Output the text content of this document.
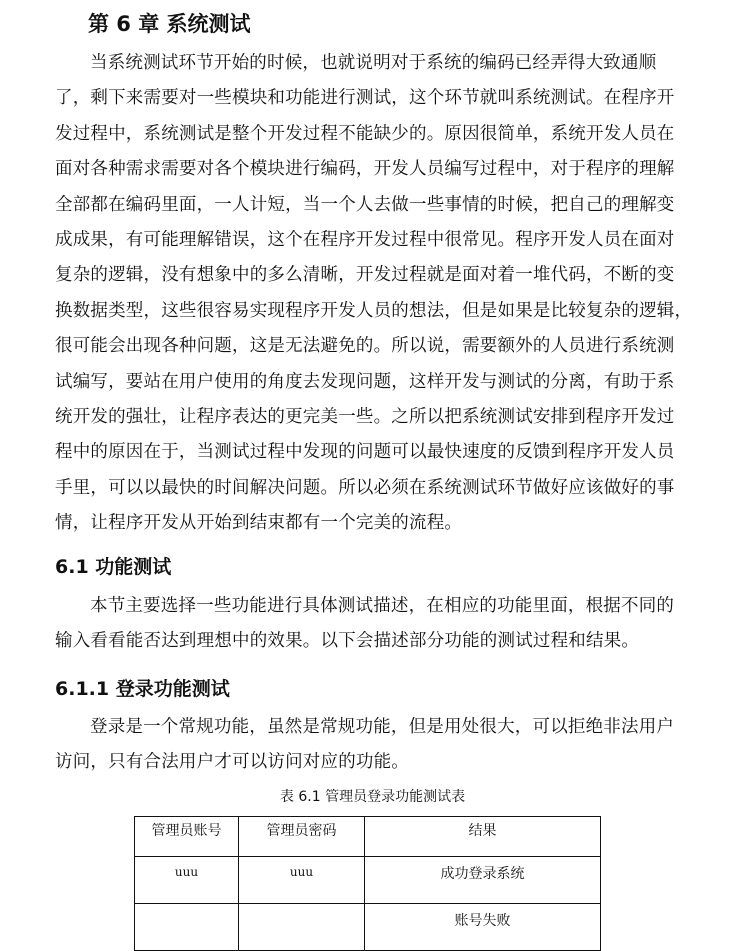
第 6 章 系统测试
当系统测试环节开始的时候，也就说明对于系统的编码已经弄得大致通顺
了，剩下来需要对一些模块和功能进行测试，这个环节就叫系统测试。在程序开
发过程中，系统测试是整个开发过程不能缺少的。原因很简单，系统开发人员在
面对各种需求需要对各个模块进行编码，开发人员编写过程中，对于程序的理解
全部都在编码里面，一人计短，当一个人去做一些事情的时候，把自己的理解变
成成果，有可能理解错误，这个在程序开发过程中很常见。程序开发人员在面对
复杂的逻辑，没有想象中的多么清晰，开发过程就是面对着一堆代码，不断的变
换数据类型，这些很容易实现程序开发人员的想法，但是如果是比较复杂的逻辑，
很可能会出现各种问题，这是无法避免的。所以说，需要额外的人员进行系统测
试编写，要站在用户使用的角度去发现问题，这样开发与测试的分离，有助于系
统开发的强壮，让程序表达的更完美一些。之所以把系统测试安排到程序开发过
程中的原因在于，当测试过程中发现的问题可以最快速度的反馈到程序开发人员
手里，可以以最快的时间解决问题。所以必须在系统测试环节做好应该做好的事
情，让程序开发从开始到结束都有一个完美的流程。
6.1 功能测试
本节主要选择一些功能进行具体测试描述，在相应的功能里面，根据不同的
输入看看能否达到理想中的效果。以下会描述部分功能的测试过程和结果。
6.1.1 登录功能测试
登录是一个常规功能，虽然是常规功能，但是用处很大，可以拒绝非法用户
访问，只有合法用户才可以访问对应的功能。
表 6.1 管理员登录功能测试表
管理员账号	管理员密码	结果
uuu	uuu	成功登录系统
		账号失败
